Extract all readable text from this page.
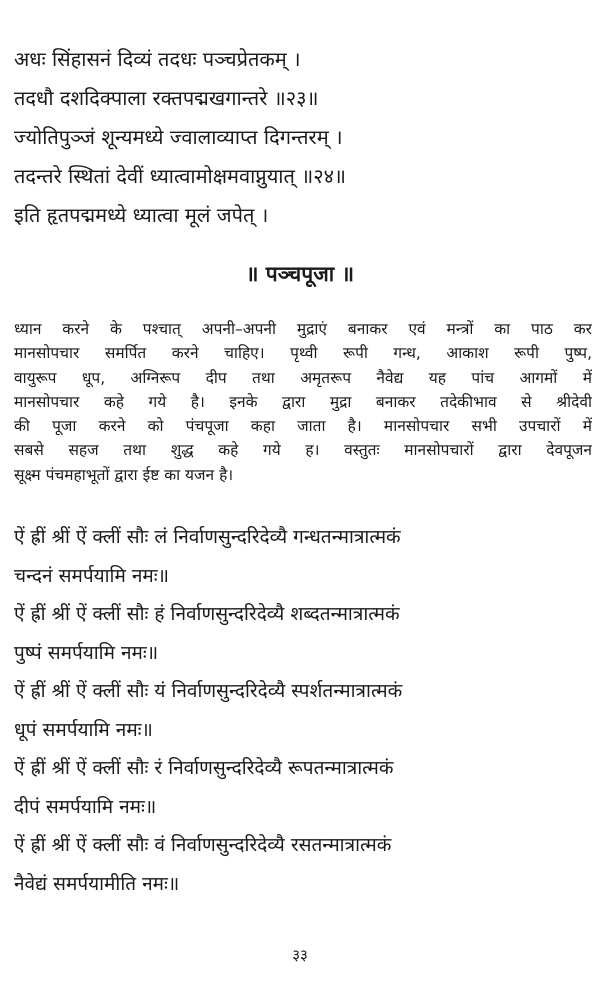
अधः सिंहासनं दिव्यं तदधः पञ्चप्रेतकम् ।
तदधौ दशदिक्पाला रक्तपद्मखगान्तरे ॥२३॥
ज्योतिपुञ्जं शून्यमध्ये ज्वालाव्याप्त दिगन्तरम् ।
तदन्तरे स्थितां देवीं ध्यात्वामोक्षमवाप्नुयात् ॥२४॥
इति हृतपद्ममध्ये ध्यात्वा मूलं जपेत् ।
॥ पञ्चपूजा ॥
ध्यान करने के पश्चात् अपनी–अपनी मुद्राएं बनाकर एवं मन्त्रों का पाठ कर
मानसोपचार समर्पित करने चाहिए। पृथ्वी रूपी गन्ध, आकाश रूपी पुष्प,
वायुरूप धूप, अग्निरूप दीप तथा अमृतरूप नैवेद्य यह पांच आगमों में
मानसोपचार कहे गये है। इनके द्वारा मुद्रा बनाकर तदेकीभाव से श्रीदेवी
की पूजा करने को पंचपूजा कहा जाता है। मानसोपचार सभी उपचारों में
सबसे सहज तथा शुद्ध कहे गये ह। वस्तुतः मानसोपचारों द्वारा देवपूजन
सूक्ष्म पंचमहाभूतों द्वारा ईष्ट का यजन है।
ऐं ह्रीं श्रीं ऐं क्लीं सौः लं निर्वाणसुन्दरिदेव्यै गन्धतन्मात्रात्मकं
चन्दनं समर्पयामि नमः॥
ऐं ह्रीं श्रीं ऐं क्लीं सौः हं निर्वाणसुन्दरिदेव्यै शब्दतन्मात्रात्मकं
पुष्पं समर्पयामि नमः॥
ऐं ह्रीं श्रीं ऐं क्लीं सौः यं निर्वाणसुन्दरिदेव्यै स्पर्शतन्मात्रात्मकं
धूपं समर्पयामि नमः॥
ऐं ह्रीं श्रीं ऐं क्लीं सौः रं निर्वाणसुन्दरिदेव्यै रूपतन्मात्रात्मकं
दीपं समर्पयामि नमः॥
ऐं ह्रीं श्रीं ऐं क्लीं सौः वं निर्वाणसुन्दरिदेव्यै रसतन्मात्रात्मकं
नैवेद्यं समर्पयामीति नमः॥
३३
